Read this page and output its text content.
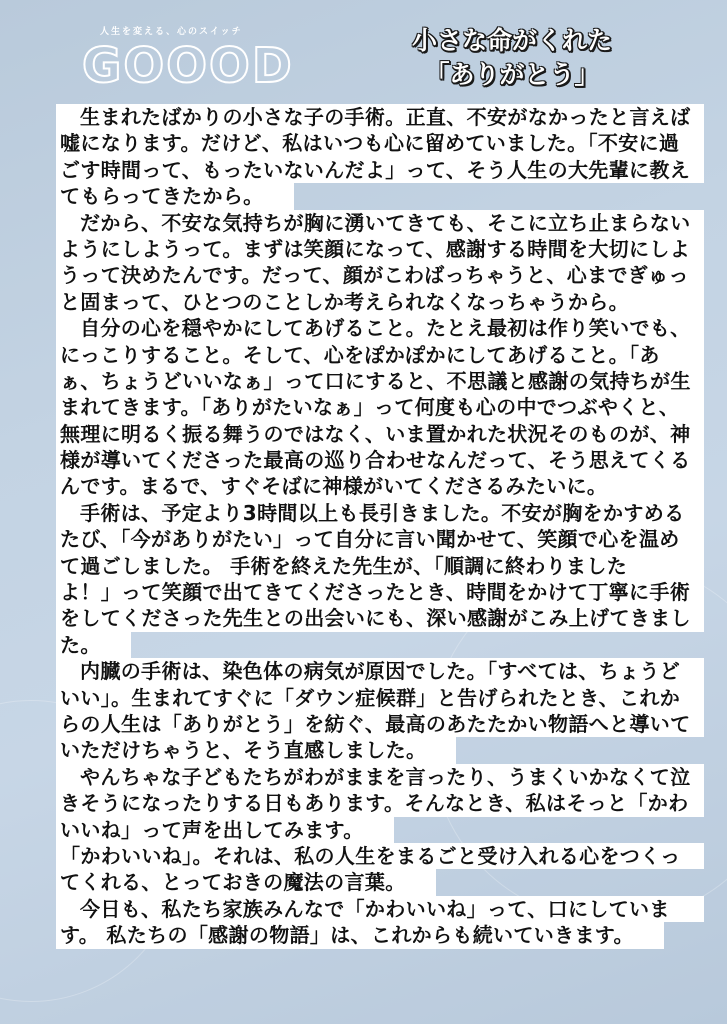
人生を変える、心のスイッチ
GOOOD	小さな命がくれた
「ありがとう」
生まれたばかりの小さな子の手術。正直、不安がなかったと言えば
嘘になります。だけど、私はいつも心に留めていました。「不安に過
ごす時間って、もったいないんだよ」って、そう人生の大先輩に教え
てもらってきたから。
だから、不安な気持ちが胸に湧いてきても、そこに立ち止まらない
ようにしようって。まずは笑顔になって、感謝する時間を大切にしよ
うって決めたんです。だって、顔がこわばっちゃうと、心までぎゅっ
と固まって、ひとつのことしか考えられなくなっちゃうから。
自分の心を穏やかにしてあげること。たとえ最初は作り笑いでも、
にっこりすること。そして、心をぽかぽかにしてあげること。「あ
ぁ、ちょうどいいなぁ」って口にすると、不思議と感謝の気持ちが生
まれてきます。「ありがたいなぁ」って何度も心の中でつぶやくと、
無理に明るく振る舞うのではなく、いま置かれた状況そのものが、神
様が導いてくださった最高の巡り合わせなんだって、そう思えてくる
んです。まるで、すぐそばに神様がいてくださるみたいに。
手術は、予定より3時間以上も長引きました。不安が胸をかすめる
たび、「今がありがたい」って自分に言い聞かせて、笑顔で心を温め
て過ごしました。 手術を終えた先生が、「順調に終わりました
よ！」って笑顔で出てきてくださったとき、時間をかけて丁寧に手術
をしてくださった先生との出会いにも、深い感謝がこみ上げてきまし
た。
内臓の手術は、染色体の病気が原因でした。「すべては、ちょうど
いい」。生まれてすぐに「ダウン症候群」と告げられたとき、これか
らの人生は「ありがとう」を紡ぐ、最高のあたたかい物語へと導いて
いただけちゃうと、そう直感しました。
やんちゃな子どもたちがわがままを言ったり、うまくいかなくて泣
きそうになったりする日もあります。そんなとき、私はそっと「かわ
いいね」って声を出してみます。
「かわいいね」。それは、私の人生をまるごと受け入れる心をつくっ
てくれる、とっておきの魔法の言葉。
今日も、私たち家族みんなで「かわいいね」って、口にしていま
す。 私たちの「感謝の物語」は、これからも続いていきます。
